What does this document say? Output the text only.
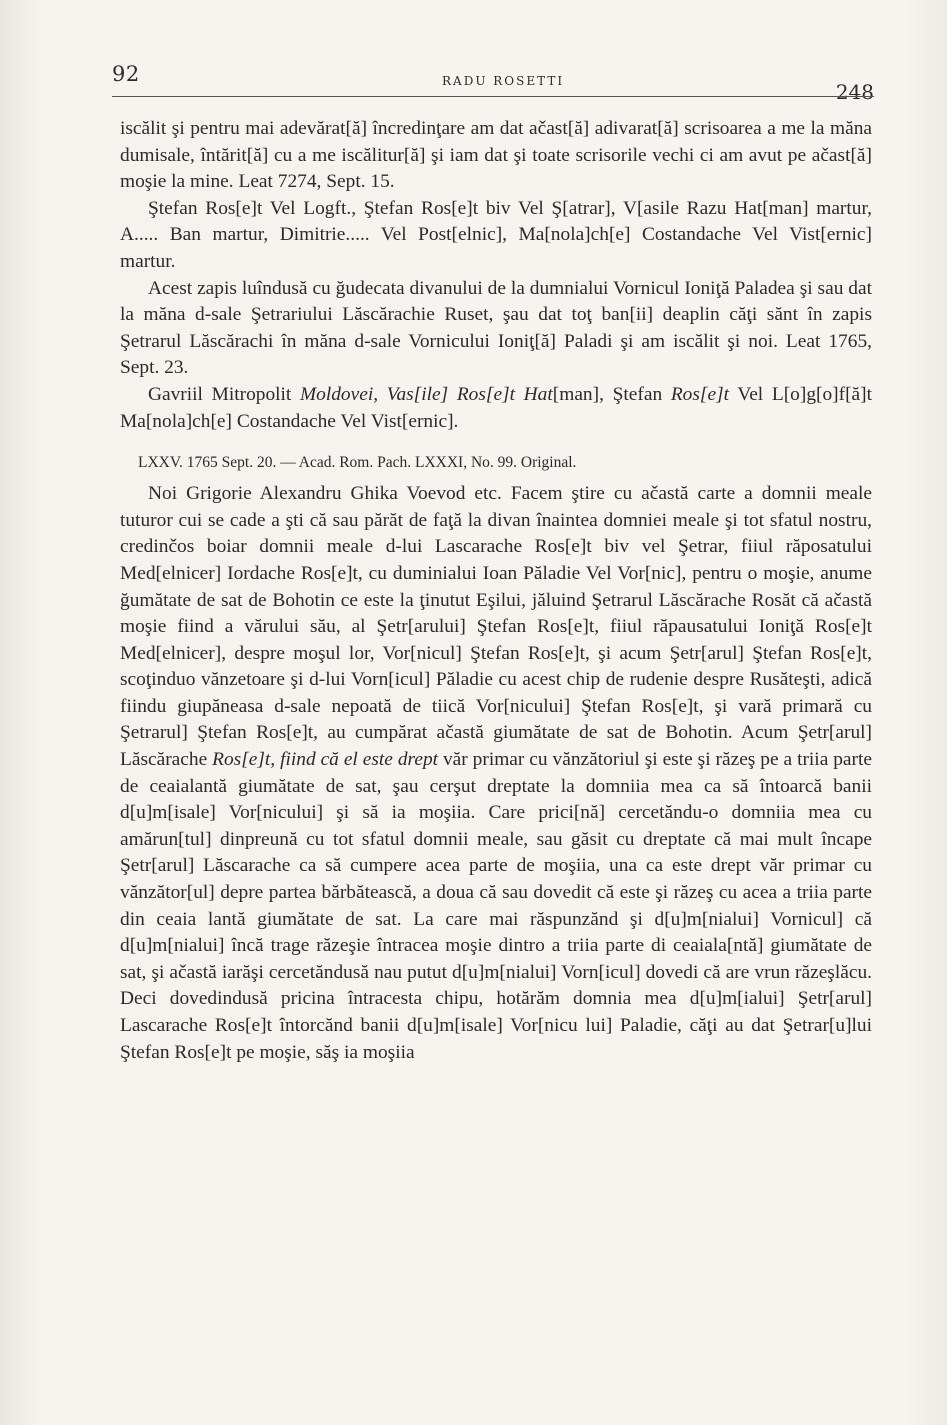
92	RADU ROSETTI	248

iscălit şi pentru mai adevărat[ă] încredinţare am dat ačast[ă] adivarat[ă] scrisoarea a me la măna dumisale, întărit[ă] cu a me iscălitur[ă] şi iam dat şi toate scrisorile vechi ci am avut pe ačast[ă] moşie la mine. Leat 7274, Sept. 15.

Ştefan Ros[e]t Vel Logft., Ştefan Ros[e]t biv Vel Ş[atrar], V[asile Razu Hat[man] martur, A..... Ban martur, Dimitrie..... Vel Post[elnic], Ma[nola]ch[e] Costandache Vel Vist[ernic] martur.

Acest zapis luîndusă cu ğudecata divanului de la dumnialui Vornicul Ioniţă Paladea şi sau dat la măna d-sale Şetrariului Lăscărachie Ruset, şau dat toţ ban[ii] deaplin căţi sănt în zapis Şetrarul Lăscărachi în măna d-sale Vornicului Ioniţ[ă] Paladi şi am iscălit şi noi. Leat 1765, Sept. 23.

Gavriil Mitropolit Moldovei, Vas[ile] Ros[e]t Hat[man], Ştefan Ros[e]t Vel L[o]g[o]f[ă]t Ma[nola]ch[e] Costandache Vel Vist[ernic].

LXXV. 1765 Sept. 20. — Acad. Rom. Pach. LXXXI, No. 99. Original.

Noi Grigorie Alexandru Ghika Voevod etc. Facem ştire cu ačastă carte a domnii meale tuturor cui se cade a şti că sau părăt de faţă la divan înaintea domniei meale şi tot sfatul nostru, credinčos boiar domnii meale d-lui Lascarache Ros[e]t biv vel Şetrar, fiiul răposatului Med[elnicer] Iordache Ros[e]t, cu duminialui Ioan Păladie Vel Vor[nic], pentru o moşie, anume ğumătate de sat de Bohotin ce este la ţinutut Eşilui, jăluind Şetrarul Lăscărache Rosăt că ačastă moşie fiind a vărului său, al Şetr[arului] Ştefan Ros[e]t, fiiul răpausatului Ioniţă Ros[e]t Med[elnicer], despre moşul lor, Vor[nicul] Ştefan Ros[e]t, şi acum Şetr[arul] Ştefan Ros[e]t, scoţinduo vănzetoare şi d-lui Vorn[icul] Păladie cu acest chip de rudenie despre Rusăteşti, adică fiindu giupăneasa d-sale nepoată de tiică Vor[nicului] Ştefan Ros[e]t, şi vară primară cu Şetrarul] Ştefan Ros[e]t, au cumpărat ačastă giumătate de sat de Bohotin. Acum Şetr[arul] Lăscărache Ros[e]t, fiind că el este drept văr primar cu vănzătoriul şi este şi răzeş pe a triia parte de ceaialantă giumătate de sat, şau cerşut dreptate la domniia mea ca să întoarcă banii d[u]m[isale] Vor[nicului] şi să ia moşiia. Care prici[nă] cercetăndu-o domniia mea cu amărun[tul] dinpreună cu tot sfatul domnii meale, sau găsit cu dreptate că mai mult încape Şetr[arul] Lăscarache ca să cumpere acea parte de moşiia, una ca este drept văr primar cu vănzător[ul] depre partea bărbătească, a doua că sau dovedit că este şi răzeş cu acea a triia parte din ceaia lantă giumătate de sat. La care mai răspunzănd şi d[u]m[nialui] Vornicul] că d[u]m[nialui] încă trage răzeşie întracea moşie dintro a triia parte di ceaiala[ntă] giumătate de sat, şi ačastă iarăşi cercetăndusă nau putut d[u]m[nialui] Vorn[icul] dovedi că are vrun răzeşlăcu. Deci dovedindusă pricina întracesta chipu, hotărăm domnia mea d[u]m[ialui] Şetr[arul] Lascarache Ros[e]t întorcănd banii d[u]m[isale] Vor[nicu lui] Paladie, căţi au dat Şetrar[u]lui Ştefan Ros[e]t pe moşie, săş ia moşiia
